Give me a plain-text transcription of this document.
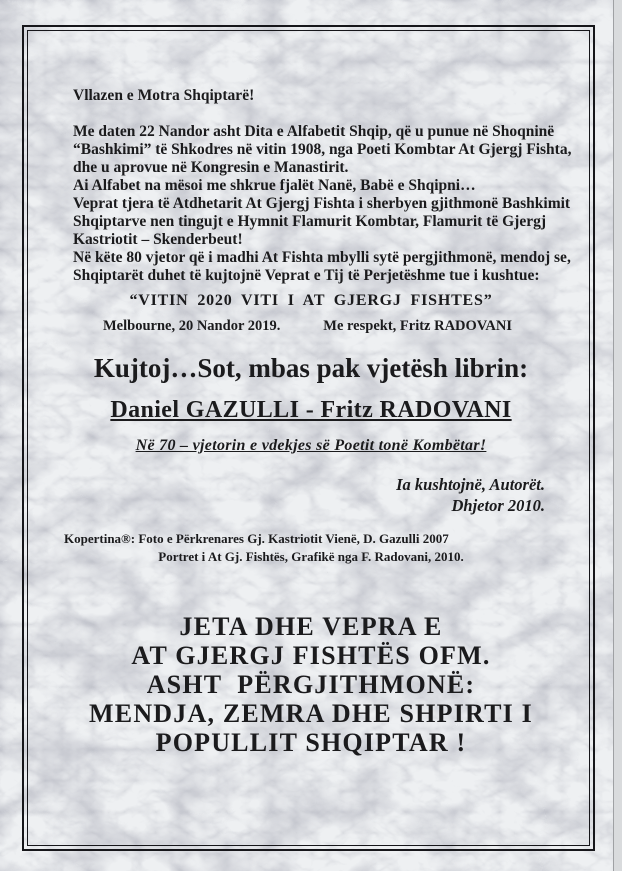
Vllazen e Motra Shqiptarë!
Me daten 22 Nandor asht Dita e Alfabetit Shqip, që u punue në Shoqninë
“Bashkimi” të Shkodres në vitin 1908, nga Poeti Kombtar At Gjergj Fishta,
dhe u aprovue në Kongresin e Manastirit.
Ai Alfabet na mësoi me shkrue fjalët Nanë, Babë e Shqipni…
Veprat tjera të Atdhetarit At Gjergj Fishta i sherbyen gjithmonë Bashkimit
Shqiptarve nen tingujt e Hymnit Flamurit Kombtar, Flamurit të Gjergj
Kastriotit – Skenderbeut!
Në këte 80 vjetor që i madhi At Fishta mbylli sytë pergjithmonë, mendoj se,
Shqiptarët duhet të kujtojnë Veprat e Tij të Perjetëshme tue i kushtue:
“VITIN 2020 VITI I AT GJERGJ FISHTES”
Melbourne, 20 Nandor 2019.	Me respekt, Fritz RADOVANI
Kujtoj…Sot, mbas pak vjetësh librin:
Daniel GAZULLI - Fritz RADOVANI
Në 70 – vjetorin e vdekjes së Poetit tonë Kombëtar!
Ia kushtojnë, Autorët.
Dhjetor 2010.
Kopertina®: Foto e Përkrenares Gj. Kastriotit Vienë, D. Gazulli 2007
Portret i At Gj. Fishtës, Grafikë nga F. Radovani, 2010.
JETA DHE VEPRA E
AT GJERGJ FISHTËS OFM.
ASHT  PËRGJITHMONË:
MENDJA, ZEMRA DHE SHPIRTI I
POPULLIT SHQIPTAR !
